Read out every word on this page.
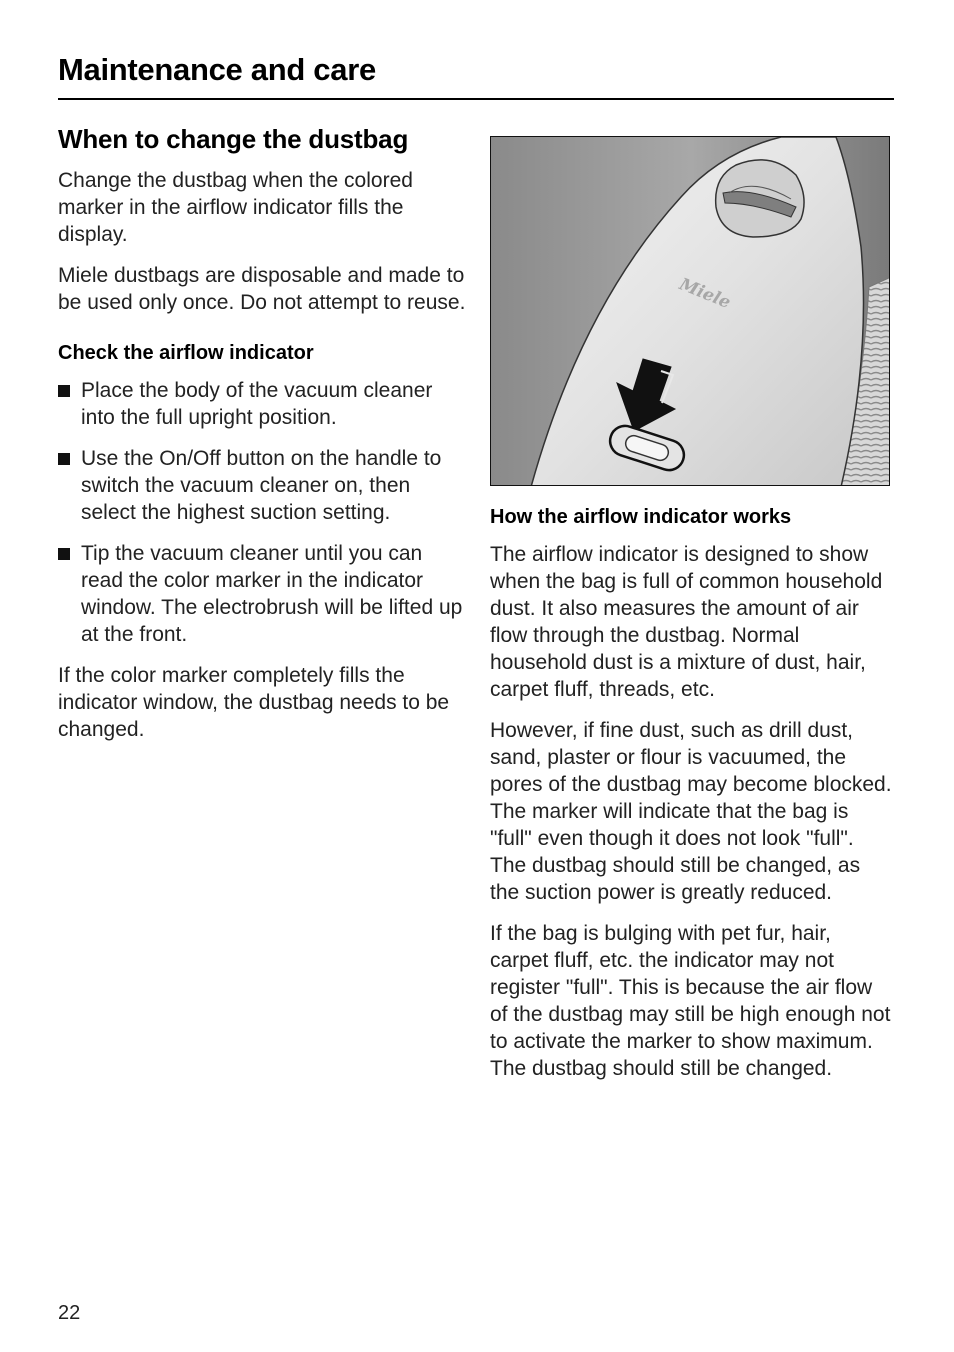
Maintenance and care
When to change the dustbag

Change the dustbag when the colored marker in the airflow indicator fills the display.

Miele dustbags are disposable and made to be used only once. Do not attempt to reuse.

Check the airflow indicator
Place the body of the vacuum cleaner into the full upright position.
Use the On/Off button on the handle to switch the vacuum cleaner on, then select the highest suction setting.
Tip the vacuum cleaner until you can read the color marker in the indicator window. The electrobrush will be lifted up at the front.

If the color marker completely fills the indicator window, the dustbag needs to be changed.

Miele
How the airflow indicator works

The airflow indicator is designed to show when the bag is full of common household dust. It also measures the amount of air flow through the dustbag. Normal household dust is a mixture of dust, hair, carpet fluff, threads, etc.

However, if fine dust, such as drill dust, sand, plaster or flour is vacuumed, the pores of the dustbag may become blocked. The marker will indicate that the bag is "full" even though it does not look "full". The dustbag should still be changed, as the suction power is greatly reduced.

If the bag is bulging with pet fur, hair, carpet fluff, etc. the indicator may not register "full". This is because the air flow of the dustbag may still be high enough not to activate the marker to show maximum. The dustbag should still be changed.

22
